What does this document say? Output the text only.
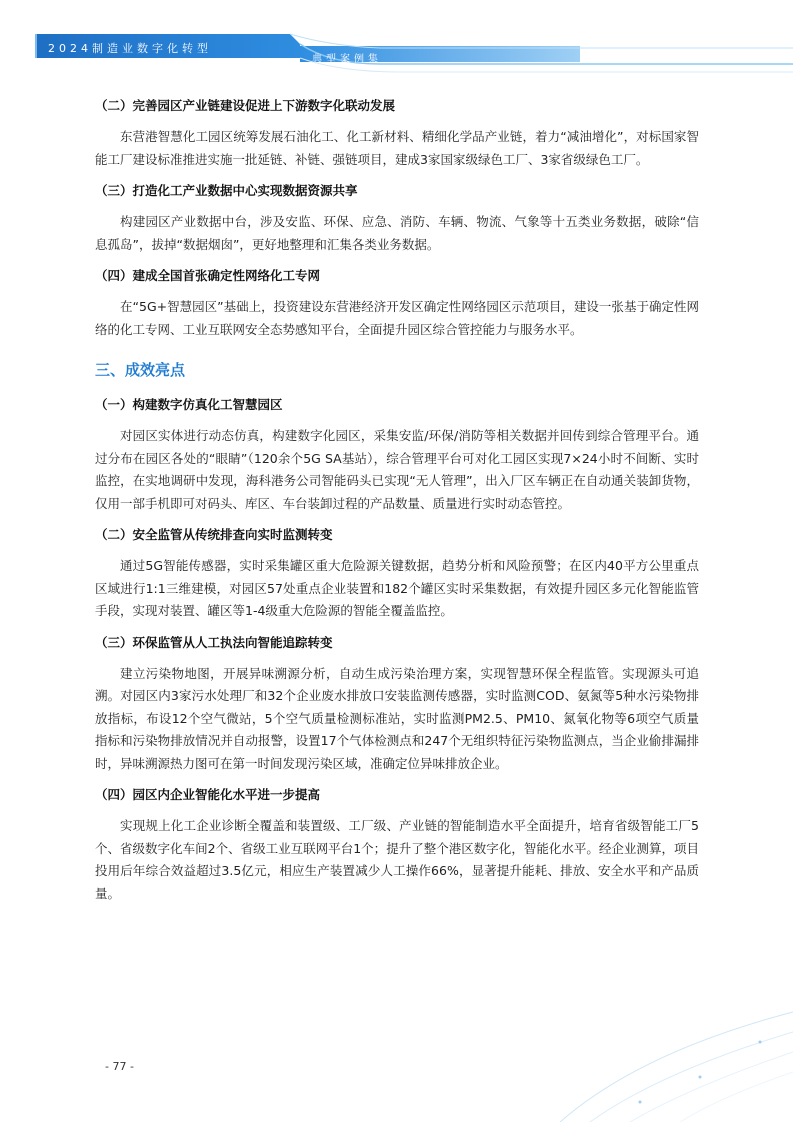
2024制造业数字化转型
典型案例集
（二）完善园区产业链建设促进上下游数字化联动发展

东营港智慧化工园区统筹发展石油化工、化工新材料、精细化学品产业链，着力“减油增化”，对标国家智能工厂建设标准推进实施一批延链、补链、强链项目，建成3家国家级绿色工厂、3家省级绿色工厂。

（三）打造化工产业数据中心实现数据资源共享

构建园区产业数据中台，涉及安监、环保、应急、消防、车辆、物流、气象等十五类业务数据，破除“信息孤岛”，拔掉“数据烟囱”，更好地整理和汇集各类业务数据。

（四）建成全国首张确定性网络化工专网

在“5G+智慧园区”基础上，投资建设东营港经济开发区确定性网络园区示范项目，建设一张基于确定性网络的化工专网、工业互联网安全态势感知平台，全面提升园区综合管控能力与服务水平。

三、成效亮点
（一）构建数字仿真化工智慧园区

对园区实体进行动态仿真，构建数字化园区，采集安监/环保/消防等相关数据并回传到综合管理平台。通过分布在园区各处的“眼睛”（120余个5G SA基站），综合管理平台可对化工园区实现7×24小时不间断、实时监控，在实地调研中发现，海科港务公司智能码头已实现“无人管理”，出入厂区车辆正在自动通关装卸货物，仅用一部手机即可对码头、库区、车台装卸过程的产品数量、质量进行实时动态管控。

（二）安全监管从传统排查向实时监测转变

通过5G智能传感器，实时采集罐区重大危险源关键数据，趋势分析和风险预警；在区内40平方公里重点区域进行1:1三维建模，对园区57处重点企业装置和182个罐区实时采集数据，有效提升园区多元化智能监管手段，实现对装置、罐区等1-4级重大危险源的智能全覆盖监控。

（三）环保监管从人工执法向智能追踪转变

建立污染物地图，开展异味溯源分析，自动生成污染治理方案，实现智慧环保全程监管。实现源头可追溯。对园区内3家污水处理厂和32个企业废水排放口安装监测传感器，实时监测COD、氨氮等5种水污染物排放指标，布设12个空气微站，5个空气质量检测标准站，实时监测PM2.5、PM10、氮氧化物等6项空气质量指标和污染物排放情况并自动报警，设置17个气体检测点和247个无组织特征污染物监测点，当企业偷排漏排时，异味溯源热力图可在第一时间发现污染区域，准确定位异味排放企业。

（四）园区内企业智能化水平进一步提高

实现规上化工企业诊断全覆盖和装置级、工厂级、产业链的智能制造水平全面提升，培育省级智能工厂5个、省级数字化车间2个、省级工业互联网平台1个；提升了整个港区数字化，智能化水平。经企业测算，项目投用后年综合效益超过3.5亿元，相应生产装置减少人工操作66%，显著提升能耗、排放、安全水平和产品质量。

- 77 -
